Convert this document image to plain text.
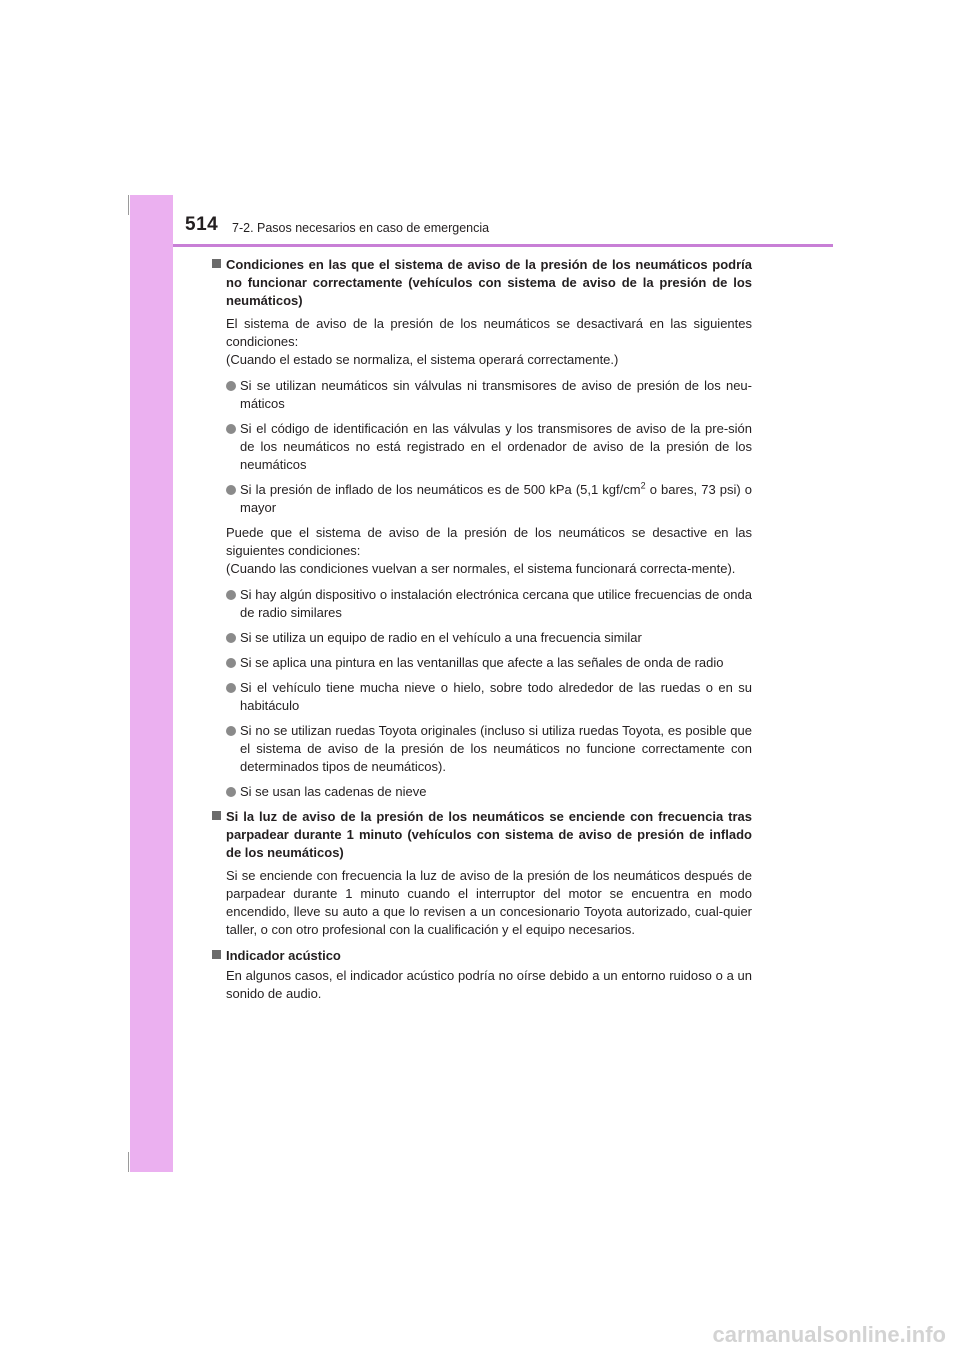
514 7-2. Pasos necesarios en caso de emergencia
Condiciones en las que el sistema de aviso de la presión de los neumáticos podría no funcionar correctamente (vehículos con sistema de aviso de la presión de los neumáticos)
El sistema de aviso de la presión de los neumáticos se desactivará en las siguientes condiciones:
(Cuando el estado se normaliza, el sistema operará correctamente.)
Si se utilizan neumáticos sin válvulas ni transmisores de aviso de presión de los neu-máticos
Si el código de identificación en las válvulas y los transmisores de aviso de la pre-sión de los neumáticos no está registrado en el ordenador de aviso de la presión de los neumáticos
Si la presión de inflado de los neumáticos es de 500 kPa (5,1 kgf/$cm^2$ o bares, 73 psi) o mayor
Puede que el sistema de aviso de la presión de los neumáticos se desactive en las siguientes condiciones:
(Cuando las condiciones vuelvan a ser normales, el sistema funcionará correcta-mente).
Si hay algún dispositivo o instalación electrónica cercana que utilice frecuencias de onda de radio similares
Si se utiliza un equipo de radio en el vehículo a una frecuencia similar
Si se aplica una pintura en las ventanillas que afecte a las señales de onda de radio
Si el vehículo tiene mucha nieve o hielo, sobre todo alrededor de las ruedas o en su habitáculo
Si no se utilizan ruedas Toyota originales (incluso si utiliza ruedas Toyota, es posible que el sistema de aviso de la presión de los neumáticos no funcione correctamente con determinados tipos de neumáticos).
Si se usan las cadenas de nieve
Si la luz de aviso de la presión de los neumáticos se enciende con frecuencia tras parpadear durante 1 minuto (vehículos con sistema de aviso de presión de inflado de los neumáticos)
Si se enciende con frecuencia la luz de aviso de la presión de los neumáticos después de parpadear durante 1 minuto cuando el interruptor del motor se encuentra en modo encendido, lleve su auto a que lo revisen a un concesionario Toyota autorizado, cual-quier taller, o con otro profesional con la cualificación y el equipo necesarios.
Indicador acústico
En algunos casos, el indicador acústico podría no oírse debido a un entorno ruidoso o a un sonido de audio.
carmanualsonline.info
